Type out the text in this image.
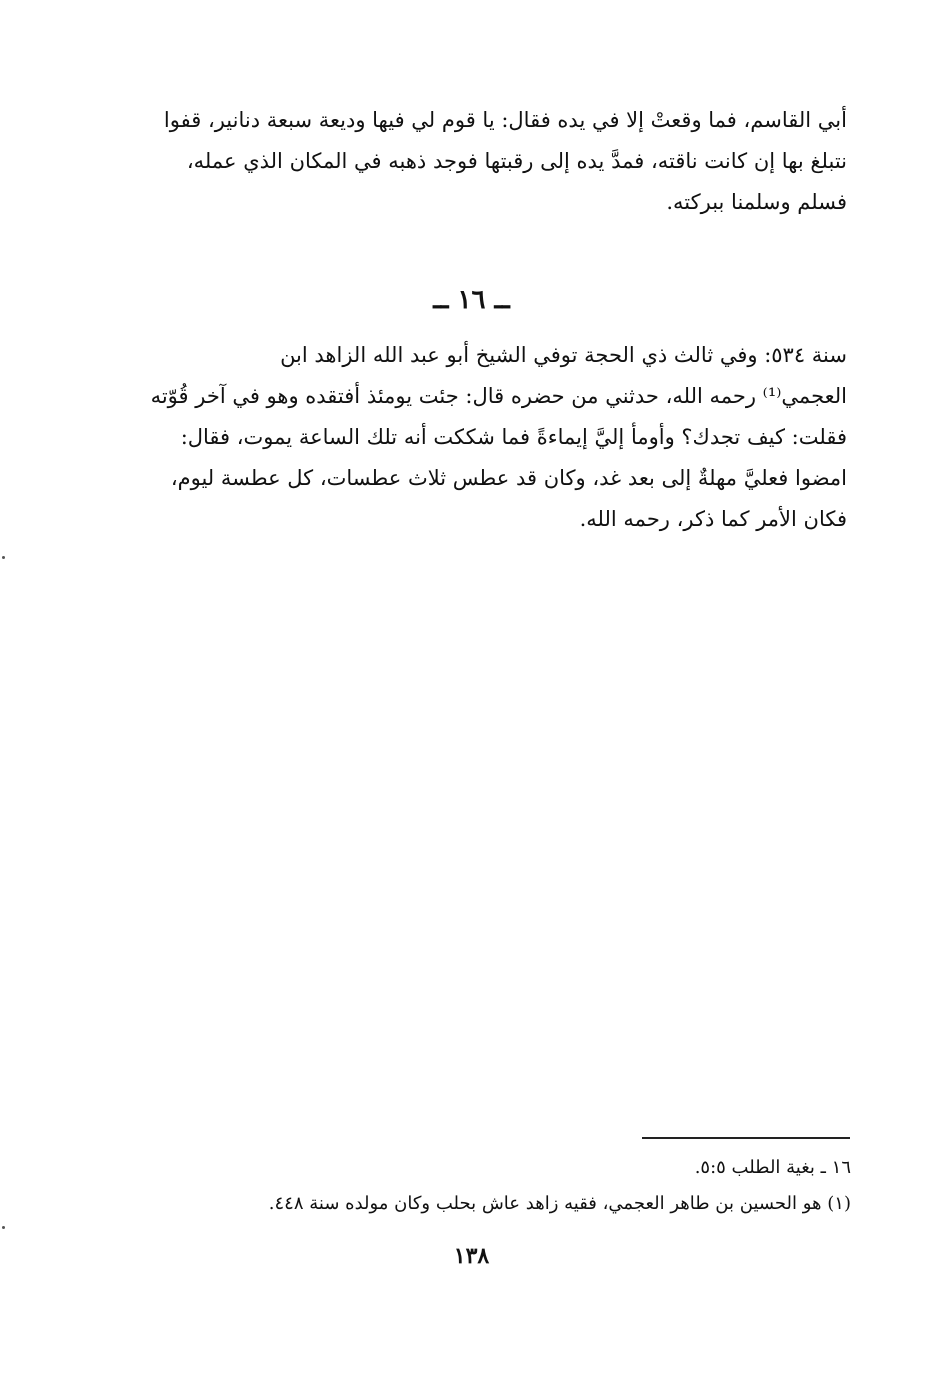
أبي القاسم، فما وقعتْ إلا في يده فقال: يا قوم لي فيها وديعة سبعة دنانير، قفوا
نتبلغ بها إن كانت ناقته، فمدَّ يده إلى رقبتها فوجد ذهبه في المكان الذي عمله،
فسلم وسلمنا ببركته.
ــ ١٦ ــ
سنة ٥٣٤: وفي ثالث ذي الحجة توفي الشيخ أبو عبد الله الزاهد ابن
العجمي⁽¹⁾ رحمه الله، حدثني من حضره قال: جئت يومئذ أفتقده وهو في آخر قُوّته
فقلت: كيف تجدك؟ وأومأ إليَّ إيماءةً فما شككت أنه تلك الساعة يموت، فقال:
امضوا فعليَّ مهلةٌ إلى بعد غد، وكان قد عطس ثلاث عطسات، كل عطسة ليوم،
فكان الأمر كما ذكر، رحمه الله.
١٦ ـ بغية الطلب ٥:٥.
(١) هو الحسين بن طاهر العجمي، فقيه زاهد عاش بحلب وكان مولده سنة ٤٤٨.
١٣٨
